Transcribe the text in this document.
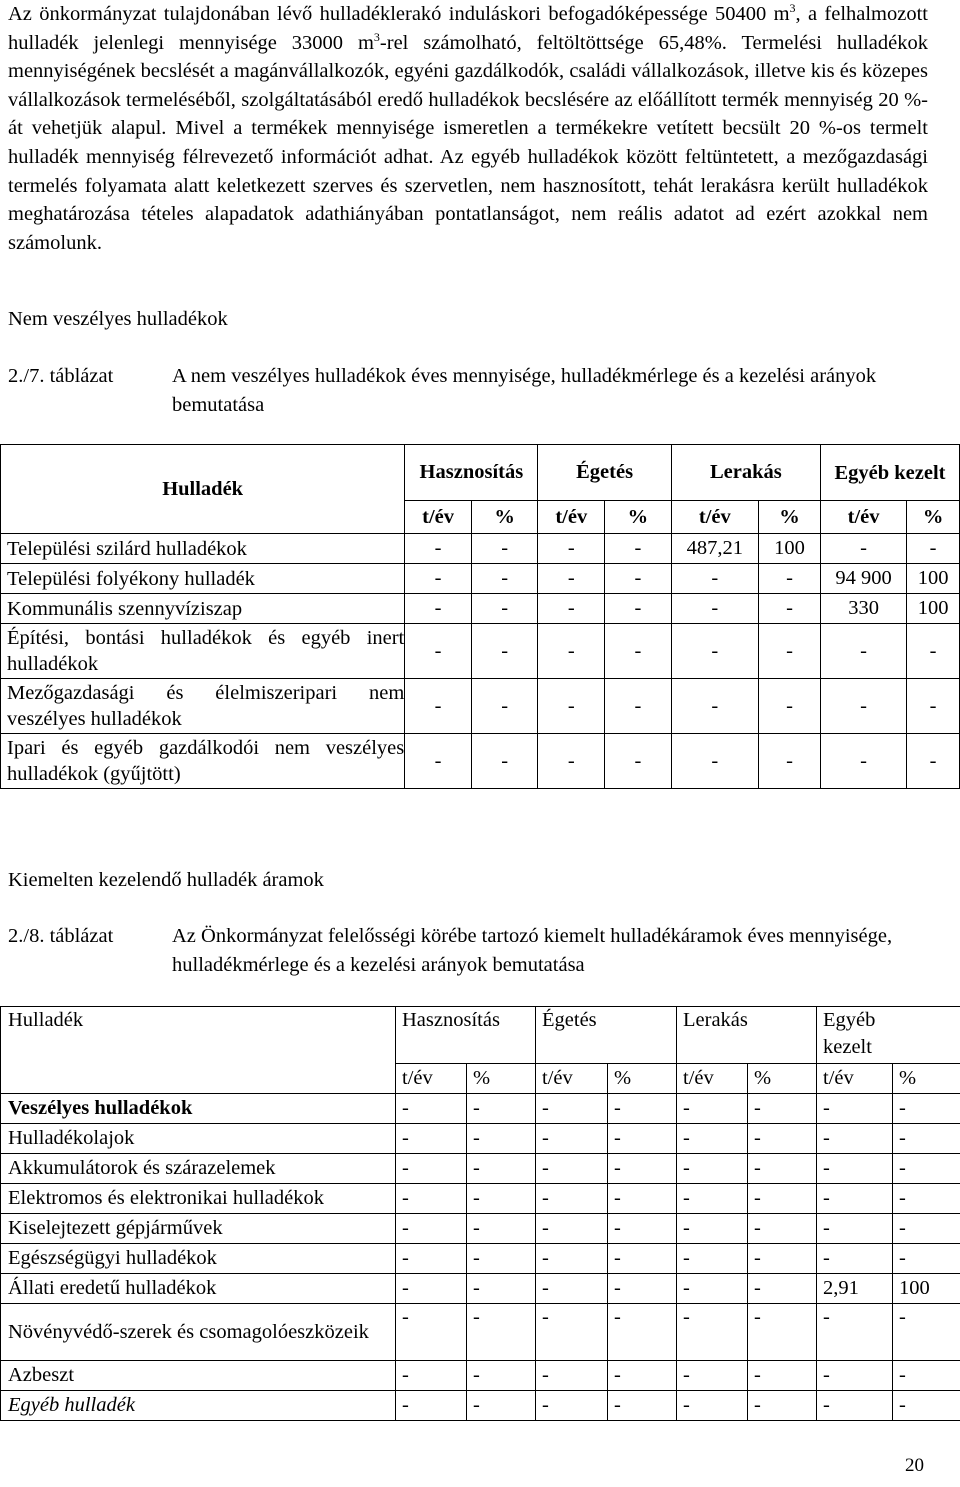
Az önkormányzat tulajdonában lévő hulladéklerakó induláskori befogadóképessége 50400 $m^3$, a felhalmozott hulladék jelenlegi mennyisége 33000 $m^3$-rel számolható, feltöltöttsége 65,48%. Termelési hulladékok mennyiségének becslését a magánvállalkozók, egyéni gazdálkodók, családi vállalkozások, illetve kis és közepes vállalkozások termeléséből, szolgáltatásából eredő hulladékok becslésére az előállított termék mennyiség 20 %-át vehetjük alapul. Mivel a termékek mennyisége ismeretlen a termékekre vetített becsült 20 %-os termelt hulladék mennyiség félrevezető információt adhat. Az egyéb hulladékok között feltüntetett, a mezőgazdasági termelés folyamata alatt keletkezett szerves és szervetlen, nem hasznosított, tehát lerakásra került hulladékok meghatározása tételes alapadatok adathiányában pontatlanságot, nem reális adatot ad ezért azokkal nem számolunk.

Nem veszélyes hulladékok

2./7. táblázat	A nem veszélyes hulladékok éves mennyisége, hulladékmérlege és a kezelési arányok bemutatása
Hulladék	Hasznosítás		Égetés		Lerakás		Egyéb kezelt	
	t/év	%	t/év	%	t/év	%	t/év	%
Települési szilárd hulladékok	-	-	-	-	487,21	100	-	-
Települési folyékony hulladék	-	-	-	-	-	-	94 900	100
Kommunális szennyvíziszap	-	-	-	-	-	-	330	100
Építési, bontási hulladékok és egyéb inert hulladékok	-	-	-	-	-	-	-	-
Mezőgazdasági és élelmiszeripari nem veszélyes hulladékok	-	-	-	-	-	-	-	-
Ipari és egyéb gazdálkodói nem veszélyes hulladékok (gyűjtött)	-	-	-	-	-	-	-	-

Kiemelten kezelendő hulladék áramok

2./8. táblázat	Az Önkormányzat felelősségi körébe tartozó kiemelt hulladékáramok éves mennyisége, hulladékmérlege és a kezelési arányok bemutatása
Hulladék	Hasznosítás		Égetés		Lerakás		Egyéb kezelt	
	t/év	%	t/év	%	t/év	%	t/év	%
Veszélyes hulladékok	-	-	-	-	-	-	-	-
Hulladékolajok	-	-	-	-	-	-	-	-
Akkumulátorok és szárazelemek	-	-	-	-	-	-	-	-
Elektromos és elektronikai hulladékok	-	-	-	-	-	-	-	-
Kiselejtezett gépjárművek	-	-	-	-	-	-	-	-
Egészségügyi hulladékok	-	-	-	-	-	-	-	-
Állati eredetű hulladékok	-	-	-	-	-	-	2,91	100
Növényvédő-szerek és csomagolóeszközeik	-	-	-	-	-	-	-	-
Azbeszt	-	-	-	-	-	-	-	-
Egyéb hulladék	-	-	-	-	-	-	-	-
20
